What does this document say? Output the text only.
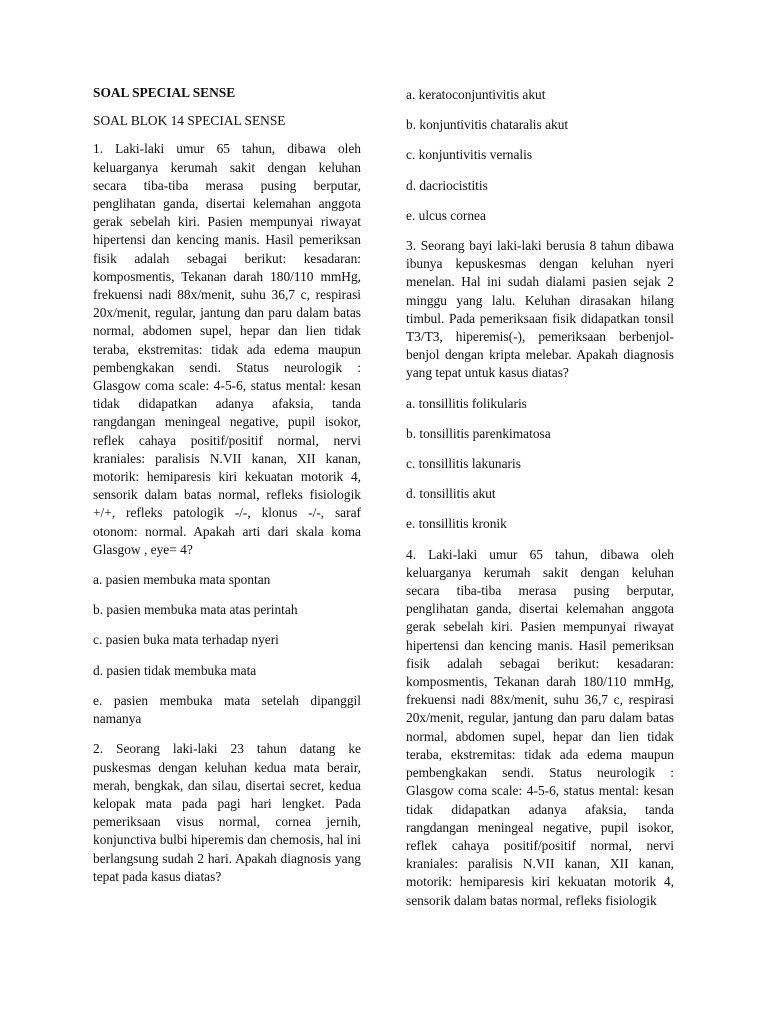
SOAL SPECIAL SENSE
SOAL BLOK 14 SPECIAL SENSE
1. Laki-laki umur 65 tahun, dibawa oleh keluarganya kerumah sakit dengan keluhan secara tiba-tiba merasa pusing berputar, penglihatan ganda, disertai kelemahan anggota gerak sebelah kiri. Pasien mempunyai riwayat hipertensi dan kencing manis. Hasil pemeriksan fisik adalah sebagai berikut: kesadaran: komposmentis, Tekanan darah 180/110 mmHg, frekuensi nadi 88x/menit, suhu 36,7 c, respirasi 20x/menit, regular, jantung dan paru dalam batas normal, abdomen supel, hepar dan lien tidak teraba, ekstremitas: tidak ada edema maupun pembengkakan sendi. Status neurologik : Glasgow coma scale: 4-5-6, status mental: kesan tidak didapatkan adanya afaksia, tanda rangdangan meningeal negative, pupil isokor, reflek cahaya positif/positif normal, nervi kraniales: paralisis N.VII kanan, XII kanan, motorik: hemiparesis kiri kekuatan motorik 4, sensorik dalam batas normal, refleks fisiologik +/+, refleks patologik -/-, klonus -/-, saraf otonom: normal. Apakah arti dari skala koma Glasgow , eye= 4?
a. pasien membuka mata spontan
b. pasien membuka mata atas perintah
c. pasien buka mata terhadap nyeri
d. pasien tidak membuka mata
e. pasien membuka mata setelah dipanggil namanya
2. Seorang laki-laki 23 tahun datang ke puskesmas dengan keluhan kedua mata berair, merah, bengkak, dan silau, disertai secret, kedua kelopak mata pada pagi hari lengket. Pada pemeriksaan visus normal, cornea jernih, konjunctiva bulbi hiperemis dan chemosis, hal ini berlangsung sudah 2 hari. Apakah diagnosis yang tepat pada kasus diatas?
a. keratoconjuntivitis akut
b. konjuntivitis chataralis akut
c. konjuntivitis vernalis
d. dacriocistitis
e. ulcus cornea
3. Seorang bayi laki-laki berusia 8 tahun dibawa ibunya kepuskesmas dengan keluhan nyeri menelan. Hal ini sudah dialami pasien sejak 2 minggu yang lalu. Keluhan dirasakan hilang timbul. Pada pemeriksaan fisik didapatkan tonsil T3/T3, hiperemis(-), pemeriksaan berbenjol-benjol dengan kripta melebar. Apakah diagnosis yang tepat untuk kasus diatas?
a. tonsillitis folikularis
b. tonsillitis parenkimatosa
c. tonsillitis lakunaris
d. tonsillitis akut
e. tonsillitis kronik
4. Laki-laki umur 65 tahun, dibawa oleh keluarganya kerumah sakit dengan keluhan secara tiba-tiba merasa pusing berputar, penglihatan ganda, disertai kelemahan anggota gerak sebelah kiri. Pasien mempunyai riwayat hipertensi dan kencing manis. Hasil pemeriksan fisik adalah sebagai berikut: kesadaran: komposmentis, Tekanan darah 180/110 mmHg, frekuensi nadi 88x/menit, suhu 36,7 c, respirasi 20x/menit, regular, jantung dan paru dalam batas normal, abdomen supel, hepar dan lien tidak teraba, ekstremitas: tidak ada edema maupun pembengkakan sendi. Status neurologik : Glasgow coma scale: 4-5-6, status mental: kesan tidak didapatkan adanya afaksia, tanda rangdangan meningeal negative, pupil isokor, reflek cahaya positif/positif normal, nervi kraniales: paralisis N.VII kanan, XII kanan, motorik: hemiparesis kiri kekuatan motorik 4, sensorik dalam batas normal, refleks fisiologik
